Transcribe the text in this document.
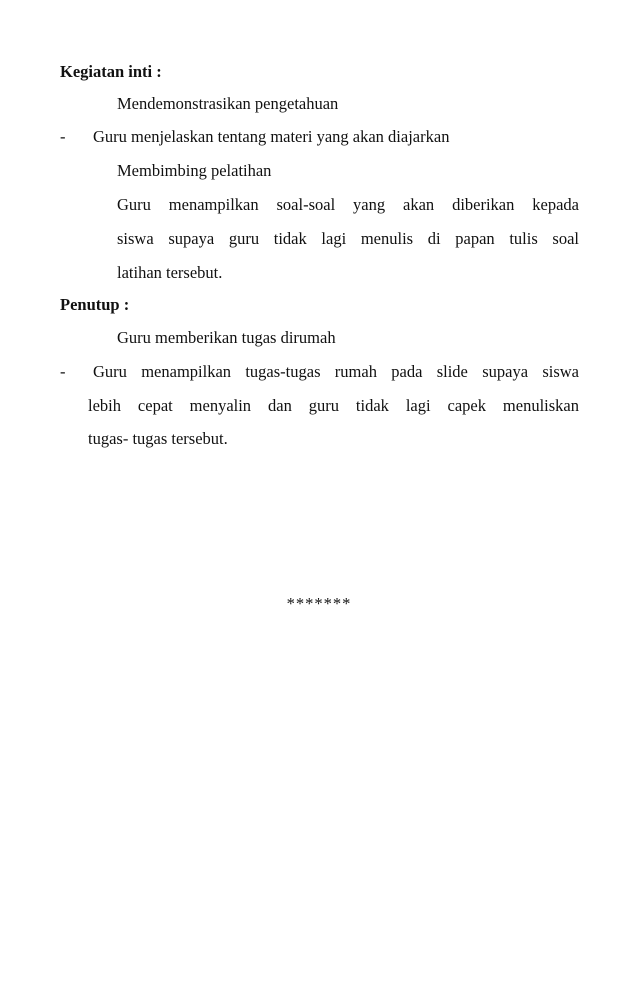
Kegiatan inti :
Mendemonstrasikan pengetahuan
- Guru menjelaskan tentang materi yang akan diajarkan
Membimbing pelatihan
Guru menampilkan soal-soal yang akan diberikan kepada
siswa supaya guru tidak lagi menulis di papan tulis soal
latihan tersebut.
Penutup :
Guru memberikan tugas dirumah
- Guru menampilkan tugas-tugas rumah pada slide supaya siswa
lebih cepat menyalin dan guru tidak lagi capek menuliskan
tugas- tugas tersebut.
*******
